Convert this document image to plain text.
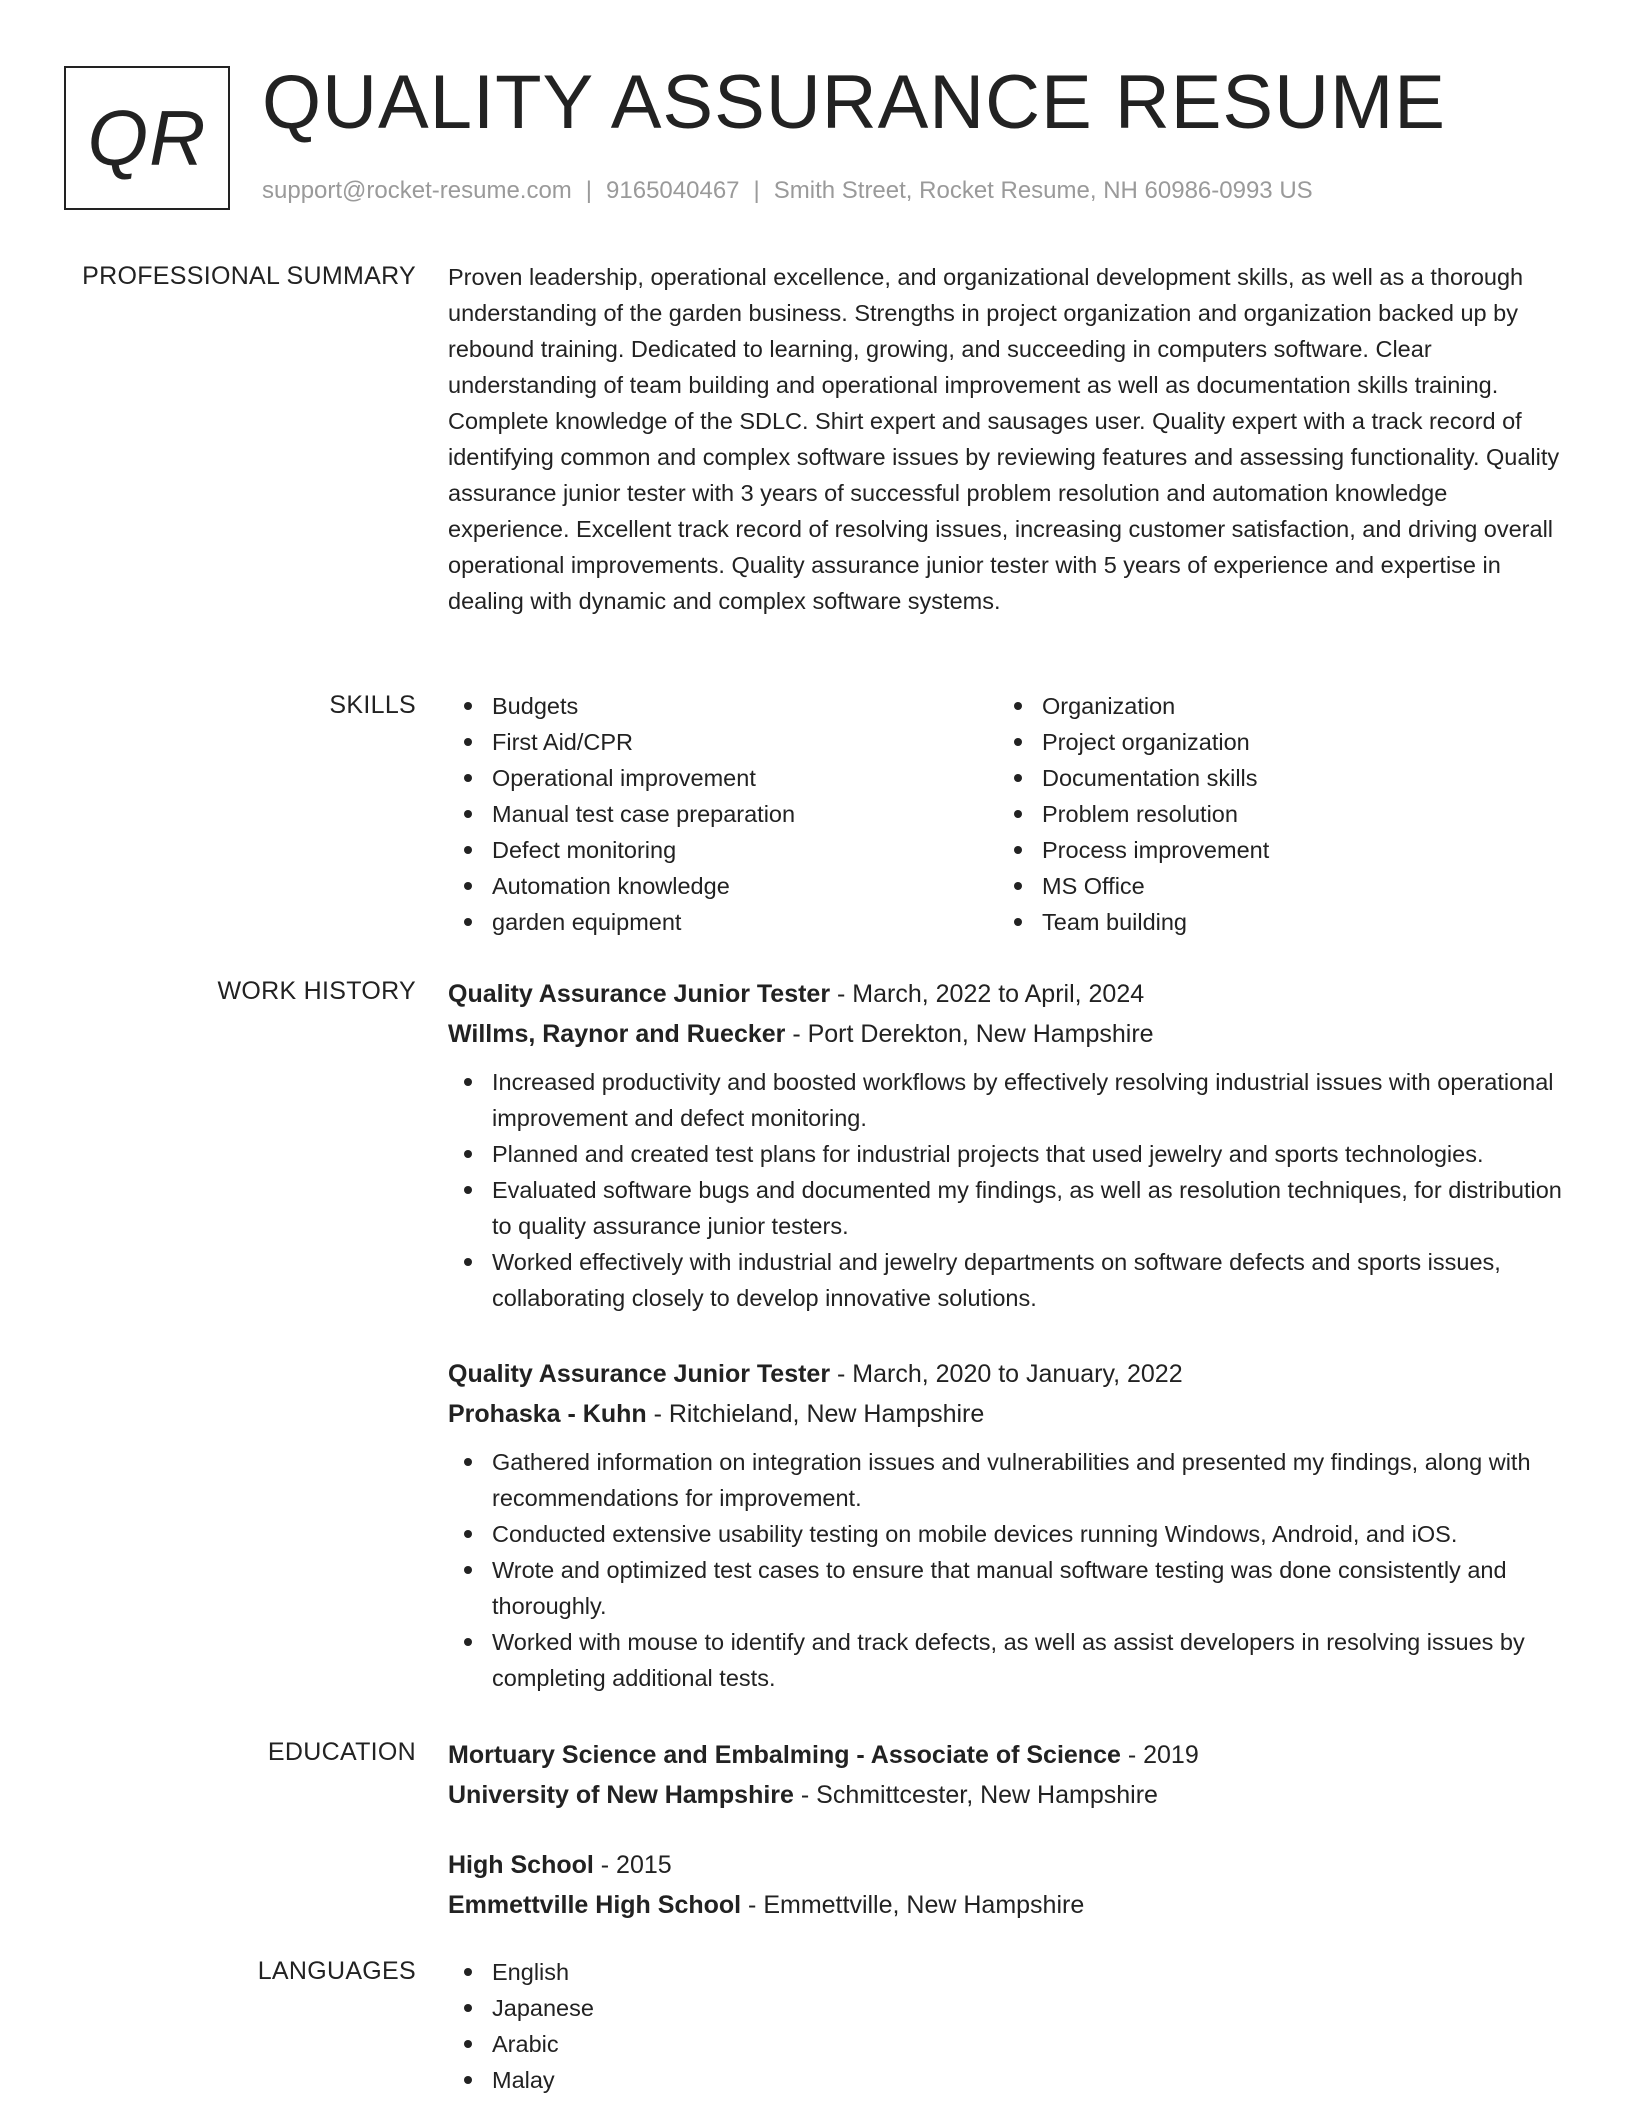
QR QUALITY ASSURANCE RESUME
support@rocket-resume.com | 9165040467 | Smith Street, Rocket Resume, NH 60986-0993 US
PROFESSIONAL SUMMARY Proven leadership, operational excellence, and organizational development skills, as well as a thorough understanding of the garden business. Strengths in project organization and organization backed up by rebound training. Dedicated to learning, growing, and succeeding in computers software. Clear understanding of team building and operational improvement as well as documentation skills training. Complete knowledge of the SDLC. Shirt expert and sausages user. Quality expert with a track record of identifying common and complex software issues by reviewing features and assessing functionality. Quality assurance junior tester with 3 years of successful problem resolution and automation knowledge experience. Excellent track record of resolving issues, increasing customer satisfaction, and driving overall operational improvements. Quality assurance junior tester with 5 years of experience and expertise in dealing with dynamic and complex software systems.

SKILLS	Budgets
First Aid/CPR
Operational improvement
Manual test case preparation
Defect monitoring
Automation knowledge
garden equipment
Organization
Project organization
Documentation skills
Problem resolution
Process improvement
MS Office
Team building
WORK HISTORY Quality Assurance Junior Tester - March, 2022 to April, 2024
Willms, Raynor and Ruecker - Port Derekton, New Hampshire
Increased productivity and boosted workflows by effectively resolving industrial issues with operational improvement and defect monitoring.
Planned and created test plans for industrial projects that used jewelry and sports technologies.
Evaluated software bugs and documented my findings, as well as resolution techniques, for distribution to quality assurance junior testers.
Worked effectively with industrial and jewelry departments on software defects and sports issues, collaborating closely to develop innovative solutions.
Quality Assurance Junior Tester - March, 2020 to January, 2022
Prohaska - Kuhn - Ritchieland, New Hampshire
Gathered information on integration issues and vulnerabilities and presented my findings, along with recommendations for improvement.
Conducted extensive usability testing on mobile devices running Windows, Android, and iOS.
Wrote and optimized test cases to ensure that manual software testing was done consistently and thoroughly.
Worked with mouse to identify and track defects, as well as assist developers in resolving issues by completing additional tests.
EDUCATION Mortuary Science and Embalming - Associate of Science - 2019
University of New Hampshire - Schmittcester, New Hampshire
High School - 2015
Emmettville High School - Emmettville, New Hampshire
LANGUAGES	English
Japanese
Arabic
Malay
